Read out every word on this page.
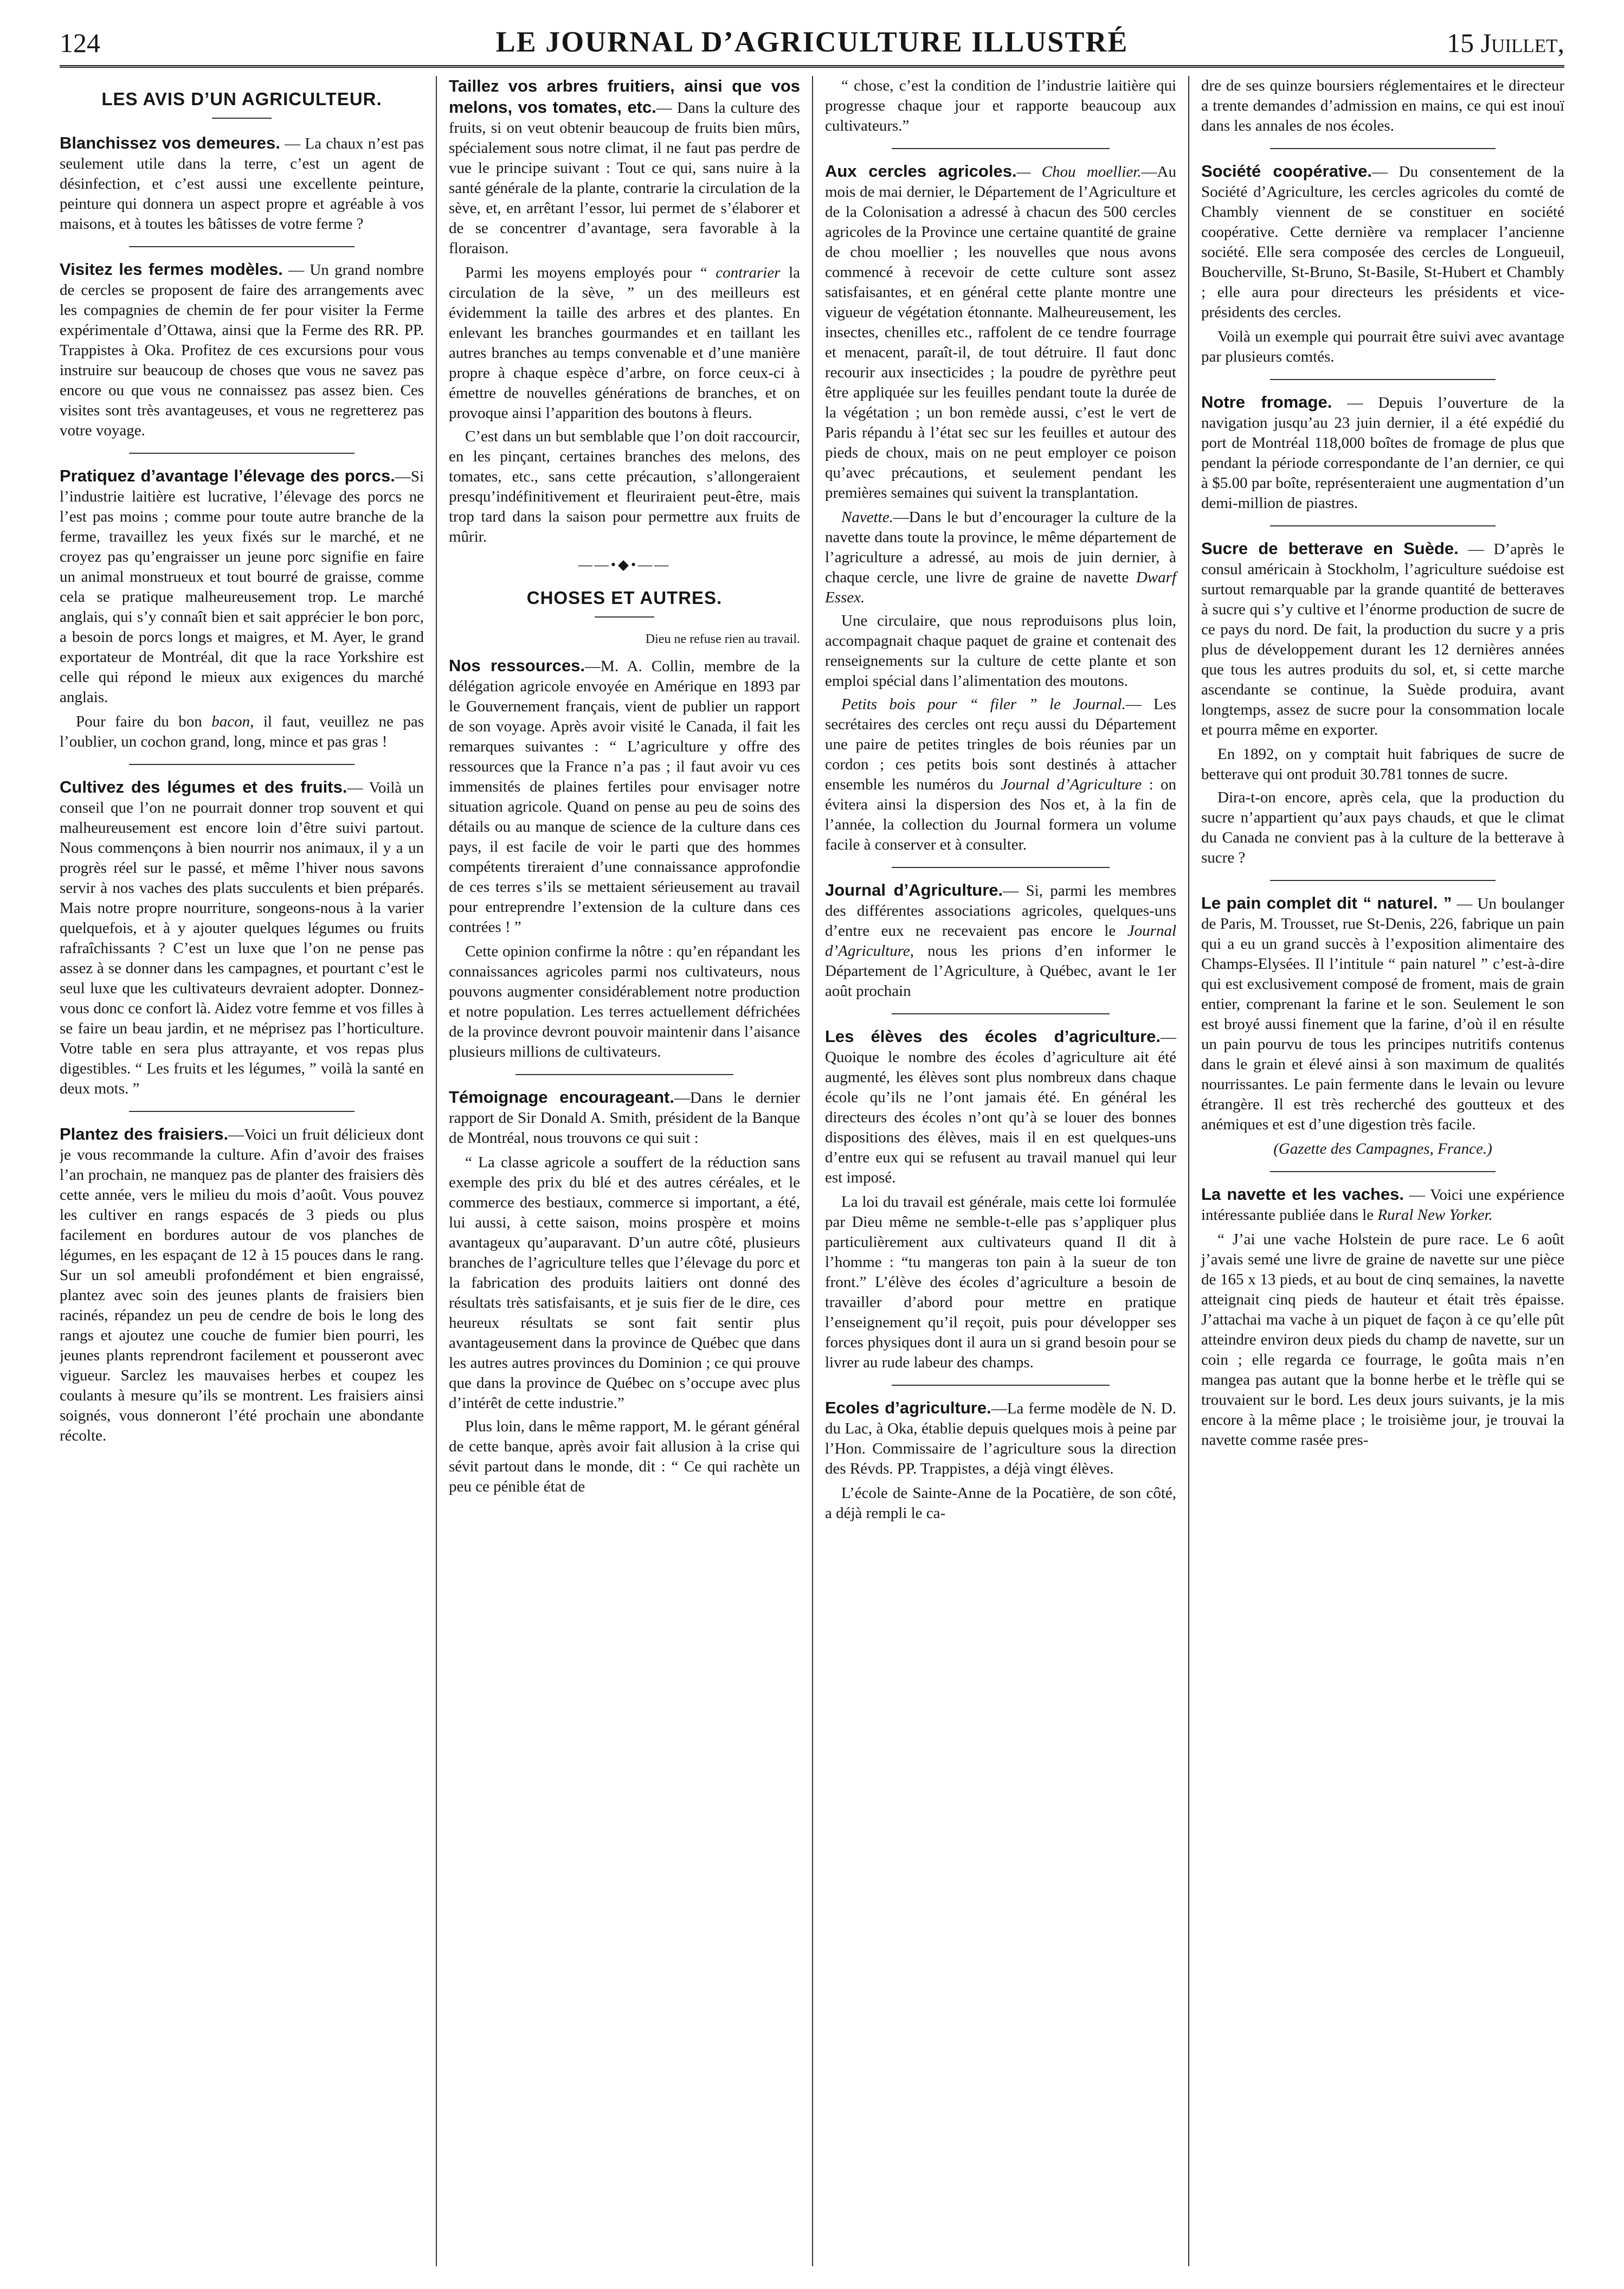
124	LE JOURNAL D’AGRICULTURE ILLUSTRÉ	15 Juillet,
LES AVIS D’UN AGRICULTEUR.

Blanchissez vos demeures. — La chaux n’est pas seulement utile dans la terre, c’est un agent de désinfection, et c’est aussi une excellente peinture, peinture qui donnera un aspect propre et agréable à vos maisons, et à toutes les bâtisses de votre ferme ?

Visitez les fermes modèles. — Un grand nombre de cercles se proposent de faire des arrangements avec les compagnies de chemin de fer pour visiter la Ferme expérimentale d’Ottawa, ainsi que la Ferme des RR. PP. Trappistes à Oka. Profitez de ces excursions pour vous instruire sur beaucoup de choses que vous ne savez pas encore ou que vous ne connaissez pas assez bien. Ces visites sont très avantageuses, et vous ne regretterez pas votre voyage.

Pratiquez d’avantage l’élevage des porcs.—Si l’industrie laitière est lucrative, l’élevage des porcs ne l’est pas moins ; comme pour toute autre branche de la ferme, travaillez les yeux fixés sur le marché, et ne croyez pas qu’engraisser un jeune porc signifie en faire un animal monstrueux et tout bourré de graisse, comme cela se pratique malheureusement trop. Le marché anglais, qui s’y connaît bien et sait apprécier le bon porc, a besoin de porcs longs et maigres, et M. Ayer, le grand exportateur de Montréal, dit que la race Yorkshire est celle qui répond le mieux aux exigences du marché anglais.

Pour faire du bon bacon, il faut, veuillez ne pas l’oublier, un cochon grand, long, mince et pas gras !

Cultivez des légumes et des fruits.— Voilà un conseil que l’on ne pourrait donner trop souvent et qui malheureusement est encore loin d’être suivi partout. Nous commençons à bien nourrir nos animaux, il y a un progrès réel sur le passé, et même l’hiver nous savons servir à nos vaches des plats succulents et bien préparés. Mais notre propre nourriture, songeons-nous à la varier quelquefois, et à y ajouter quelques légumes ou fruits rafraîchissants ? C’est un luxe que l’on ne pense pas assez à se donner dans les campagnes, et pourtant c’est le seul luxe que les cultivateurs devraient adopter. Donnez-vous donc ce confort là. Aidez votre femme et vos filles à se faire un beau jardin, et ne méprisez pas l’horticulture. Votre table en sera plus attrayante, et vos repas plus digestibles. “ Les fruits et les légumes, ” voilà la santé en deux mots. ”

Plantez des fraisiers.—Voici un fruit délicieux dont je vous recommande la culture. Afin d’avoir des fraises l’an prochain, ne manquez pas de planter des fraisiers dès cette année, vers le milieu du mois d’août. Vous pouvez les cultiver en rangs espacés de 3 pieds ou plus facilement en bordures autour de vos planches de légumes, en les espaçant de 12 à 15 pouces dans le rang. Sur un sol ameubli profondément et bien engraissé, plantez avec soin des jeunes plants de fraisiers bien racinés, répandez un peu de cendre de bois le long des rangs et ajoutez une couche de fumier bien pourri, les jeunes plants reprendront facilement et pousseront avec vigueur. Sarclez les mauvaises herbes et coupez les coulants à mesure qu’ils se montrent. Les fraisiers ainsi soignés, vous donneront l’été prochain une abondante récolte.

Taillez vos arbres fruitiers, ainsi que vos melons, vos tomates, etc.— Dans la culture des fruits, si on veut obtenir beaucoup de fruits bien mûrs, spécialement sous notre climat, il ne faut pas perdre de vue le principe suivant : Tout ce qui, sans nuire à la santé générale de la plante, contrarie la circulation de la sève, et, en arrêtant l’essor, lui permet de s’élaborer et de se concentrer d’avantage, sera favorable à la floraison.

Parmi les moyens employés pour “ contrarier la circulation de la sève, ” un des meilleurs est évidemment la taille des arbres et des plantes. En enlevant les branches gourmandes et en taillant les autres branches au temps convenable et d’une manière propre à chaque espèce d’arbre, on force ceux-ci à émettre de nouvelles générations de branches, et on provoque ainsi l’apparition des boutons à fleurs.

C’est dans un but semblable que l’on doit raccourcir, en les pinçant, certaines branches des melons, des tomates, etc., sans cette précaution, s’allongeraient presqu’indéfinitivement et fleuriraient peut-être, mais trop tard dans la saison pour permettre aux fruits de mûrir.

——•◆•——
CHOSES ET AUTRES.
Dieu ne refuse rien au travail.

Nos ressources.—M. A. Collin, membre de la délégation agricole envoyée en Amérique en 1893 par le Gouvernement français, vient de publier un rapport de son voyage. Après avoir visité le Canada, il fait les remarques suivantes : “ L’agriculture y offre des ressources que la France n’a pas ; il faut avoir vu ces immensités de plaines fertiles pour envisager notre situation agricole. Quand on pense au peu de soins des détails ou au manque de science de la culture dans ces pays, il est facile de voir le parti que des hommes compétents tireraient d’une connaissance approfondie de ces terres s’ils se mettaient sérieusement au travail pour entreprendre l’extension de la culture dans ces contrées ! ”

Cette opinion confirme la nôtre : qu’en répandant les connaissances agricoles parmi nos cultivateurs, nous pouvons augmenter considérablement notre production et notre population. Les terres actuellement défrichées de la province devront pouvoir maintenir dans l’aisance plusieurs millions de cultivateurs.

Témoignage encourageant.—Dans le dernier rapport de Sir Donald A. Smith, président de la Banque de Montréal, nous trouvons ce qui suit :

“ La classe agricole a souffert de la réduction sans exemple des prix du blé et des autres céréales, et le commerce des bestiaux, commerce si important, a été, lui aussi, à cette saison, moins prospère et moins avantageux qu’auparavant. D’un autre côté, plusieurs branches de l’agriculture telles que l’élevage du porc et la fabrication des produits laitiers ont donné des résultats très satisfaisants, et je suis fier de le dire, ces heureux résultats se sont fait sentir plus avantageusement dans la province de Québec que dans les autres autres provinces du Dominion ; ce qui prouve que dans la province de Québec on s’occupe avec plus d’intérêt de cette industrie.”

Plus loin, dans le même rapport, M. le gérant général de cette banque, après avoir fait allusion à la crise qui sévit partout dans le monde, dit : “ Ce qui rachète un peu ce pénible état de

“ chose, c’est la condition de l’industrie laitière qui progresse chaque jour et rapporte beaucoup aux cultivateurs.”

Aux cercles agricoles.— Chou moellier.—Au mois de mai dernier, le Département de l’Agriculture et de la Colonisation a adressé à chacun des 500 cercles agricoles de la Province une certaine quantité de graine de chou moellier ; les nouvelles que nous avons commencé à recevoir de cette culture sont assez satisfaisantes, et en général cette plante montre une vigueur de végétation étonnante. Malheureusement, les insectes, chenilles etc., raffolent de ce tendre fourrage et menacent, paraît-il, de tout détruire. Il faut donc recourir aux insecticides ; la poudre de pyrèthre peut être appliquée sur les feuilles pendant toute la durée de la végétation ; un bon remède aussi, c’est le vert de Paris répandu à l’état sec sur les feuilles et autour des pieds de choux, mais on ne peut employer ce poison qu’avec précautions, et seulement pendant les premières semaines qui suivent la transplantation.

Navette.—Dans le but d’encourager la culture de la navette dans toute la province, le même département de l’agriculture a adressé, au mois de juin dernier, à chaque cercle, une livre de graine de navette Dwarf Essex.

Une circulaire, que nous reproduisons plus loin, accompagnait chaque paquet de graine et contenait des renseignements sur la culture de cette plante et son emploi spécial dans l’alimentation des moutons.

Petits bois pour “ filer ” le Journal.— Les secrétaires des cercles ont reçu aussi du Département une paire de petites tringles de bois réunies par un cordon ; ces petits bois sont destinés à attacher ensemble les numéros du Journal d’Agriculture : on évitera ainsi la dispersion des Nos et, à la fin de l’année, la collection du Journal formera un volume facile à conserver et à consulter.

Journal d’Agriculture.— Si, parmi les membres des différentes associations agricoles, quelques-uns d’entre eux ne recevaient pas encore le Journal d’Agriculture, nous les prions d’en informer le Département de l’Agriculture, à Québec, avant le 1er août prochain

Les élèves des écoles d’agriculture.—Quoique le nombre des écoles d’agriculture ait été augmenté, les élèves sont plus nombreux dans chaque école qu’ils ne l’ont jamais été. En général les directeurs des écoles n’ont qu’à se louer des bonnes dispositions des élèves, mais il en est quelques-uns d’entre eux qui se refusent au travail manuel qui leur est imposé.

La loi du travail est générale, mais cette loi formulée par Dieu même ne semble-t-elle pas s’appliquer plus particulièrement aux cultivateurs quand Il dit à l’homme : “tu mangeras ton pain à la sueur de ton front.” L’élève des écoles d’agriculture a besoin de travailler d’abord pour mettre en pratique l’enseignement qu’il reçoit, puis pour développer ses forces physiques dont il aura un si grand besoin pour se livrer au rude labeur des champs.

Ecoles d’agriculture.—La ferme modèle de N. D. du Lac, à Oka, établie depuis quelques mois à peine par l’Hon. Commissaire de l’agriculture sous la direction des Révds. PP. Trappistes, a déjà vingt élèves.

L’école de Sainte-Anne de la Pocatière, de son côté, a déjà rempli le ca-

dre de ses quinze boursiers réglementaires et le directeur a trente demandes d’admission en mains, ce qui est inouï dans les annales de nos écoles.

Société coopérative.— Du consentement de la Société d’Agriculture, les cercles agricoles du comté de Chambly viennent de se constituer en société coopérative. Cette dernière va remplacer l’ancienne société. Elle sera composée des cercles de Longueuil, Boucherville, St-Bruno, St-Basile, St-Hubert et Chambly ; elle aura pour directeurs les présidents et vice-présidents des cercles.

Voilà un exemple qui pourrait être suivi avec avantage par plusieurs comtés.

Notre fromage. — Depuis l’ouverture de la navigation jusqu’au 23 juin dernier, il a été expédié du port de Montréal 118,000 boîtes de fromage de plus que pendant la période correspondante de l’an dernier, ce qui à $5.00 par boîte, représenteraient une augmentation d’un demi-million de piastres.

Sucre de betterave en Suède. — D’après le consul américain à Stockholm, l’agriculture suédoise est surtout remarquable par la grande quantité de betteraves à sucre qui s’y cultive et l’énorme production de sucre de ce pays du nord. De fait, la production du sucre y a pris plus de développement durant les 12 dernières années que tous les autres produits du sol, et, si cette marche ascendante se continue, la Suède produira, avant longtemps, assez de sucre pour la consommation locale et pourra même en exporter.

En 1892, on y comptait huit fabriques de sucre de betterave qui ont produit 30.781 tonnes de sucre.

Dira-t-on encore, après cela, que la production du sucre n’appartient qu’aux pays chauds, et que le climat du Canada ne convient pas à la culture de la betterave à sucre ?

Le pain complet dit “ naturel. ” — Un boulanger de Paris, M. Trousset, rue St-Denis, 226, fabrique un pain qui a eu un grand succès à l’exposition alimentaire des Champs-Elysées. Il l’intitule “ pain naturel ” c’est-à-dire qui est exclusivement composé de froment, mais de grain entier, comprenant la farine et le son. Seulement le son est broyé aussi finement que la farine, d’où il en résulte un pain pourvu de tous les principes nutritifs contenus dans le grain et élevé ainsi à son maximum de qualités nourrissantes. Le pain fermente dans le levain ou levure étrangère. Il est très recherché des goutteux et des anémiques et est d’une digestion très facile.

(Gazette des Campagnes, France.)

La navette et les vaches. — Voici une expérience intéressante publiée dans le Rural New Yorker.

“ J’ai une vache Holstein de pure race. Le 6 août j’avais semé une livre de graine de navette sur une pièce de 165 x 13 pieds, et au bout de cinq semaines, la navette atteignait cinq pieds de hauteur et était très épaisse. J’attachai ma vache à un piquet de façon à ce qu’elle pût atteindre environ deux pieds du champ de navette, sur un coin ; elle regarda ce fourrage, le goûta mais n’en mangea pas autant que la bonne herbe et le trèfle qui se trouvaient sur le bord. Les deux jours suivants, je la mis encore à la même place ; le troisième jour, je trouvai la navette comme rasée pres-
